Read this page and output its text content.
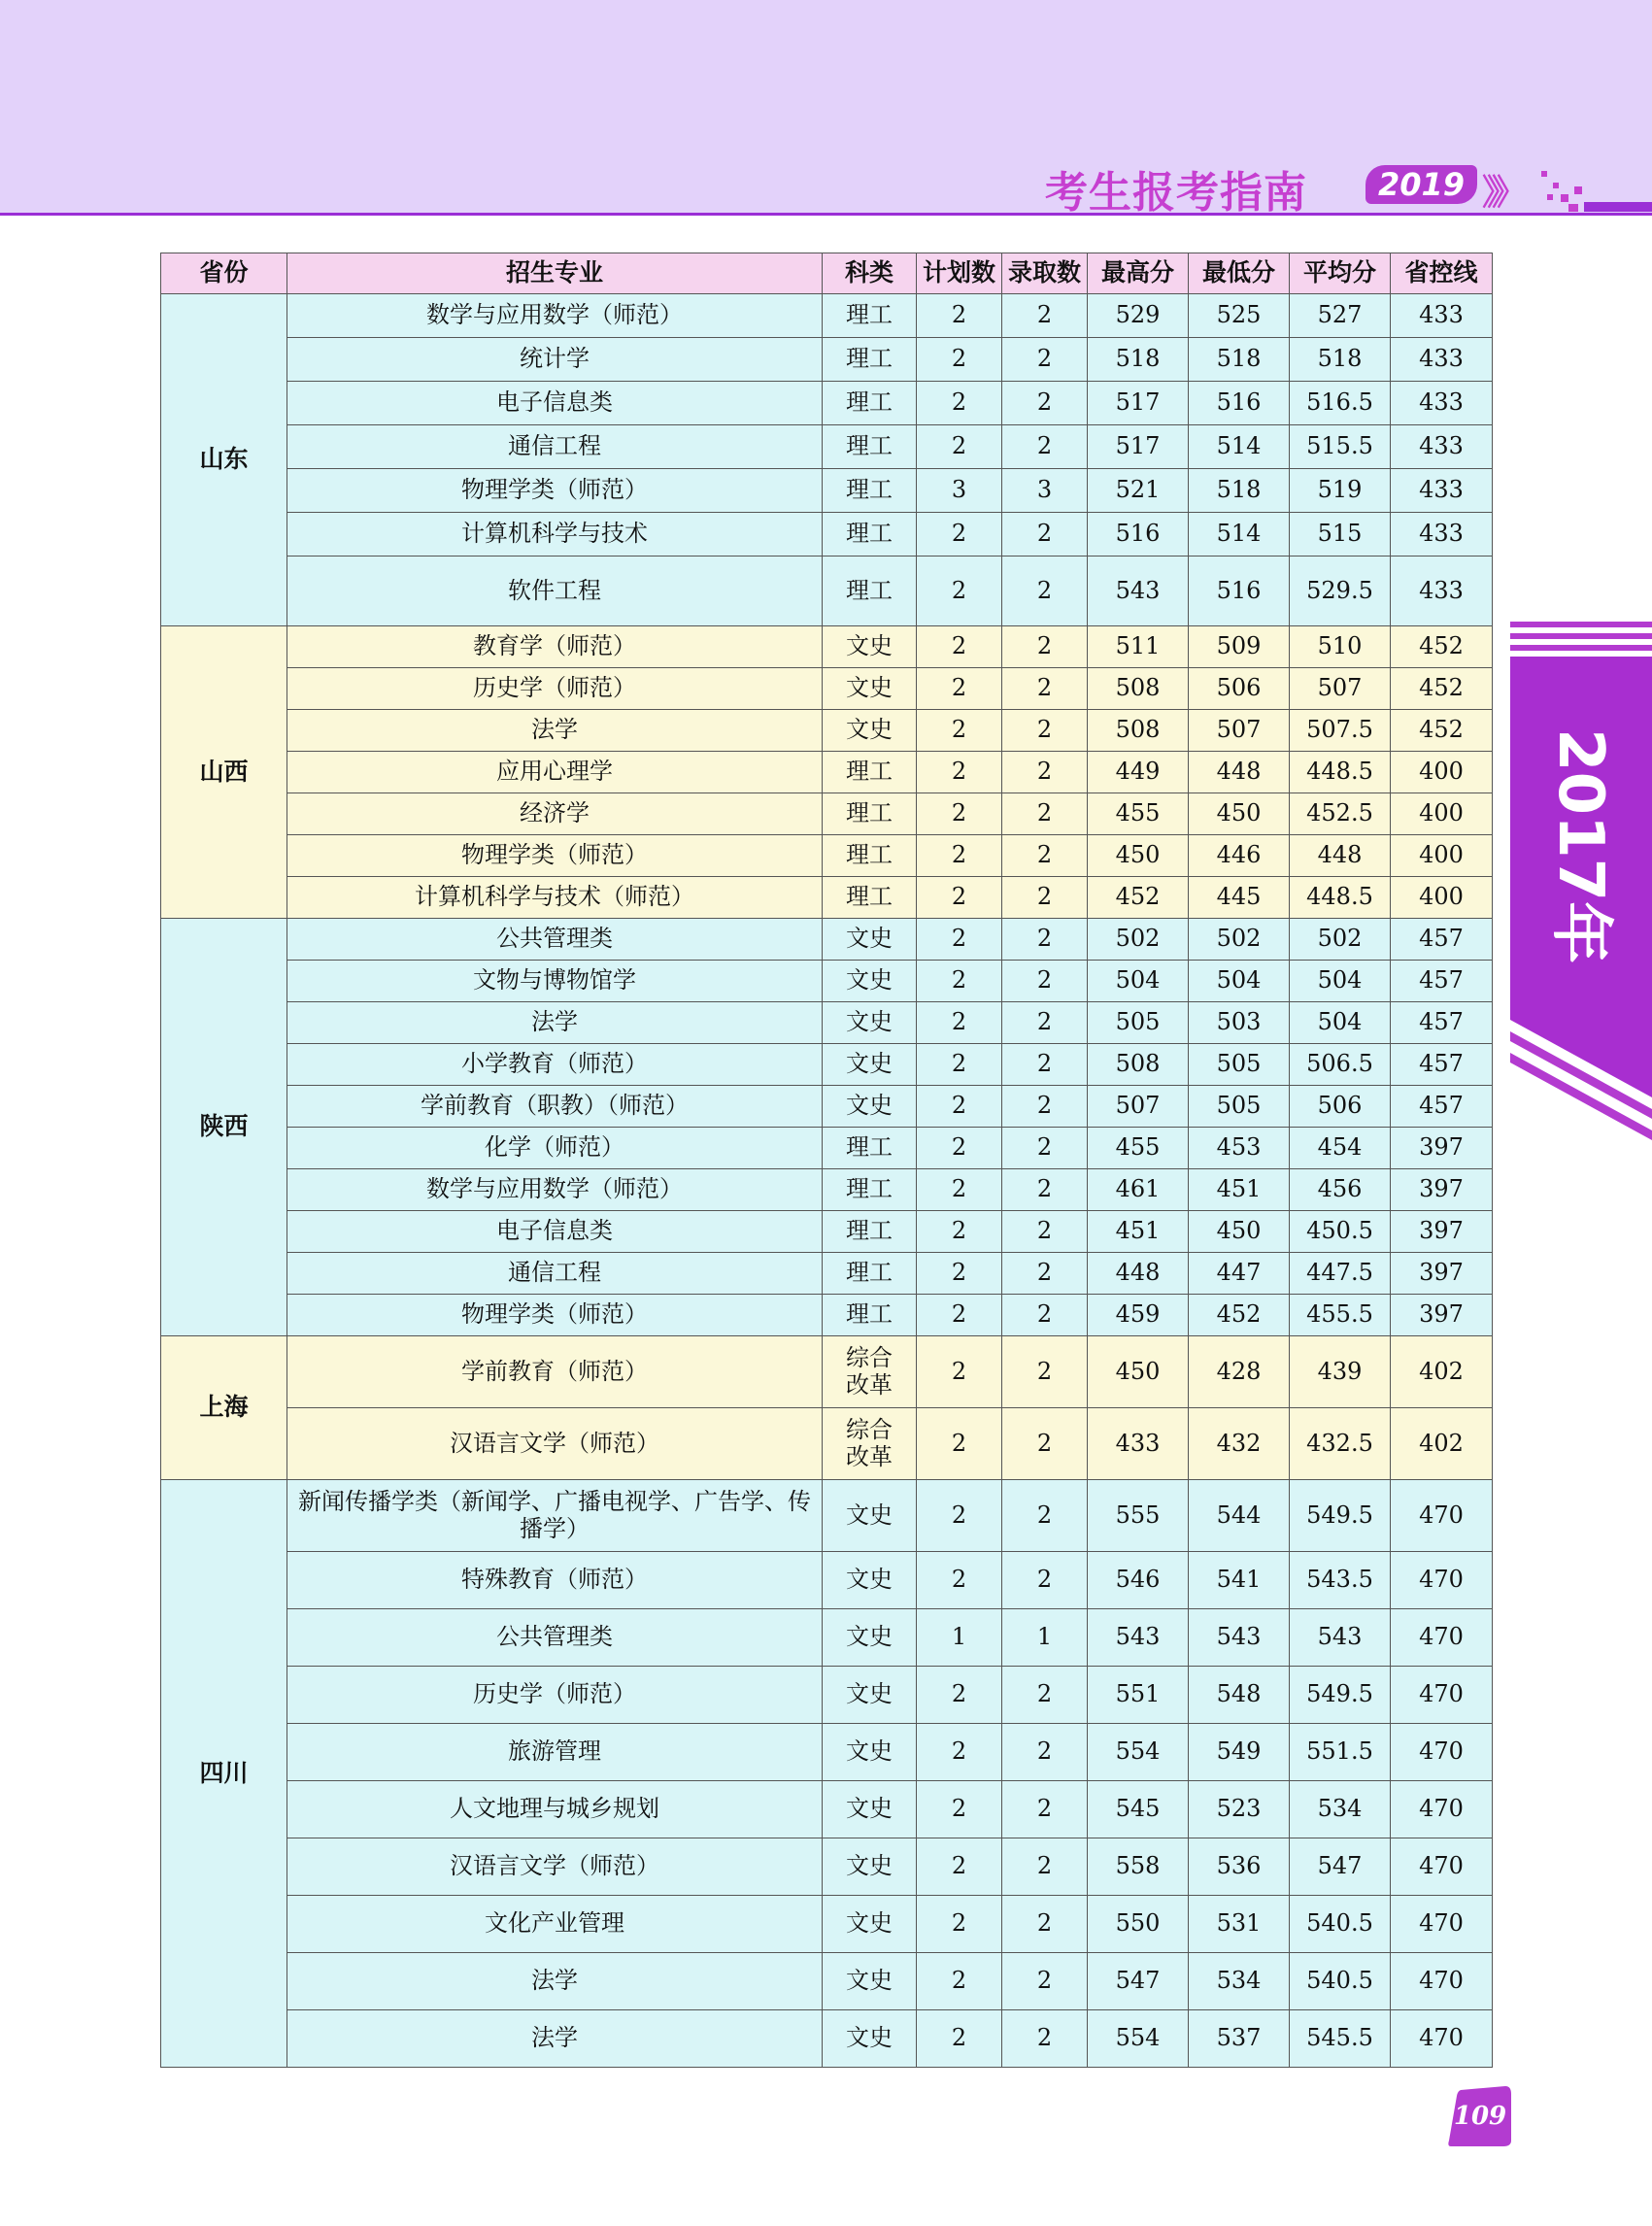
考生报考指南	2019 》》
2017年
省份	招生专业	科类	计划数	录取数	最高分	最低分	平均分	省控线
山东	数学与应用数学（师范）	理工	2	2	529	525	527	433
	统计学	理工	2	2	518	518	518	433
	电子信息类	理工	2	2	517	516	516.5	433
	通信工程	理工	2	2	517	514	515.5	433
	物理学类（师范）	理工	3	3	521	518	519	433
	计算机科学与技术	理工	2	2	516	514	515	433
	软件工程	理工	2	2	543	516	529.5	433
山西	教育学（师范）	文史	2	2	511	509	510	452
	历史学（师范）	文史	2	2	508	506	507	452
	法学	文史	2	2	508	507	507.5	452
	应用心理学	理工	2	2	449	448	448.5	400
	经济学	理工	2	2	455	450	452.5	400
	物理学类（师范）	理工	2	2	450	446	448	400
	计算机科学与技术（师范）	理工	2	2	452	445	448.5	400
陕西	公共管理类	文史	2	2	502	502	502	457
	文物与博物馆学	文史	2	2	504	504	504	457
	法学	文史	2	2	505	503	504	457
	小学教育（师范）	文史	2	2	508	505	506.5	457
	学前教育（职教）（师范）	文史	2	2	507	505	506	457
	化学（师范）	理工	2	2	455	453	454	397
	数学与应用数学（师范）	理工	2	2	461	451	456	397
	电子信息类	理工	2	2	451	450	450.5	397
	通信工程	理工	2	2	448	447	447.5	397
	物理学类（师范）	理工	2	2	459	452	455.5	397
上海	学前教育（师范）	综合改革	2	2	450	428	439	402
	汉语言文学（师范）	综合改革	2	2	433	432	432.5	402
四川	新闻传播学类（新闻学、广播电视学、广告学、传播学）	文史	2	2	555	544	549.5	470
	特殊教育（师范）	文史	2	2	546	541	543.5	470
	公共管理类	文史	1	1	543	543	543	470
	历史学（师范）	文史	2	2	551	548	549.5	470
	旅游管理	文史	2	2	554	549	551.5	470
	人文地理与城乡规划	文史	2	2	545	523	534	470
	汉语言文学（师范）	文史	2	2	558	536	547	470
	文化产业管理	文史	2	2	550	531	540.5	470
	法学	文史	2	2	547	534	540.5	470
	法学	文史	2	2	554	537	545.5	470
109
